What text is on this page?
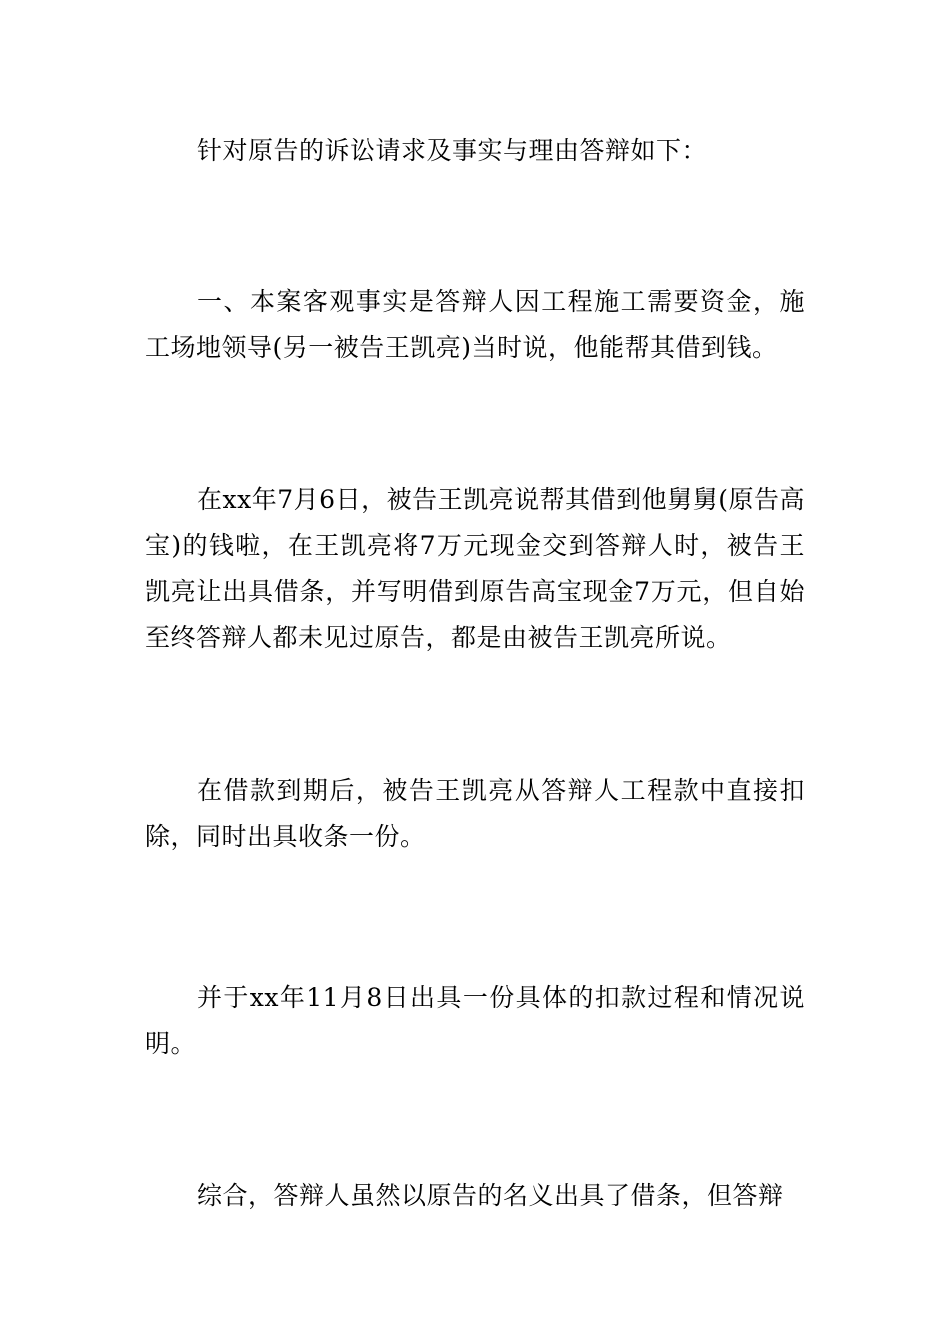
针对原告的诉讼请求及事实与理由答辩如下：

一、本案客观事实是答辩人因工程施工需要资金，施工场地领导(另一被告王凯亮)当时说，他能帮其借到钱。

在xx年7月6日，被告王凯亮说帮其借到他舅舅(原告高宝)的钱啦，在王凯亮将7万元现金交到答辩人时，被告王凯亮让出具借条，并写明借到原告高宝现金7万元，但自始至终答辩人都未见过原告，都是由被告王凯亮所说。

在借款到期后，被告王凯亮从答辩人工程款中直接扣除，同时出具收条一份。

并于xx年11月8日出具一份具体的扣款过程和情况说明。

综合，答辩人虽然以原告的名义出具了借条，但答辩
